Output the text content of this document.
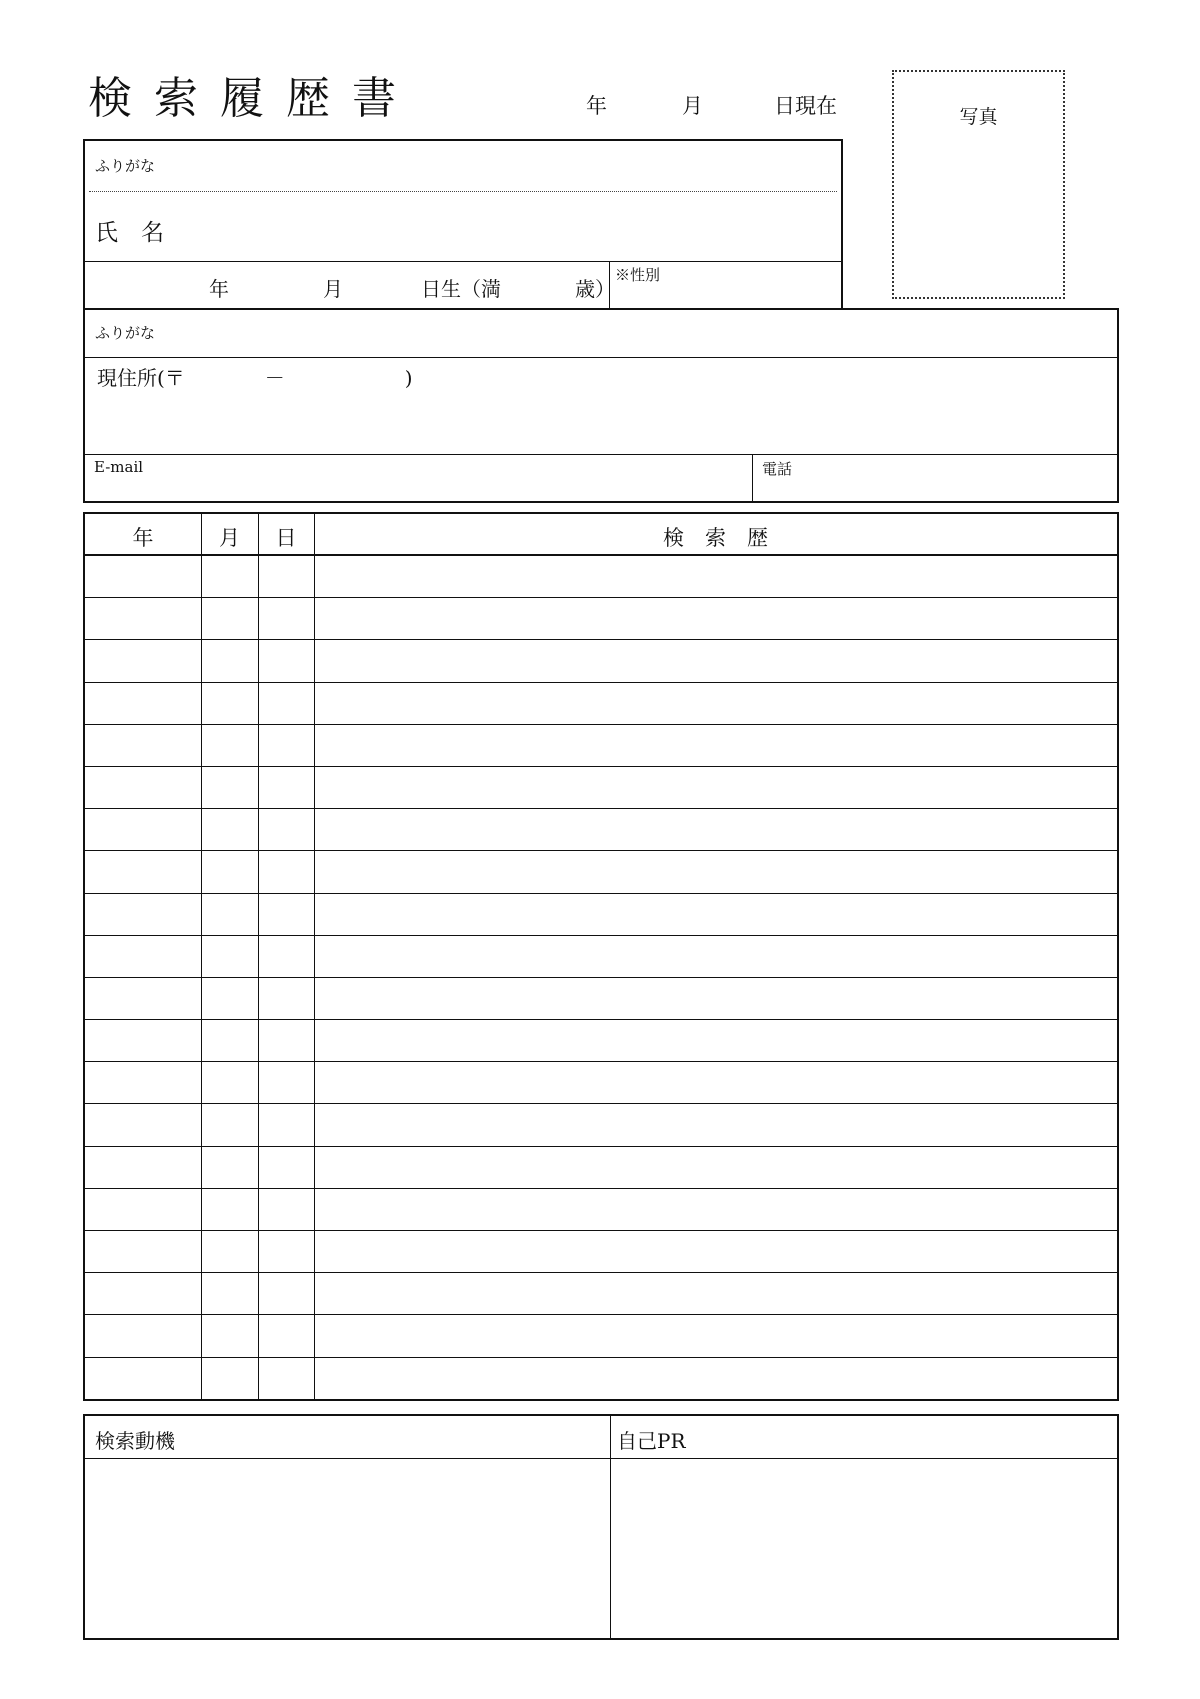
検索履歴書	年	月	日現在	写真
ふりがな
氏　名
年	月	日生（満	歳）
※性別
ふりがな
現住所(〒　　　　－　　　　　　)
E-mail	電話
年	月	日	検　索　歴
検索動機	自己PR
